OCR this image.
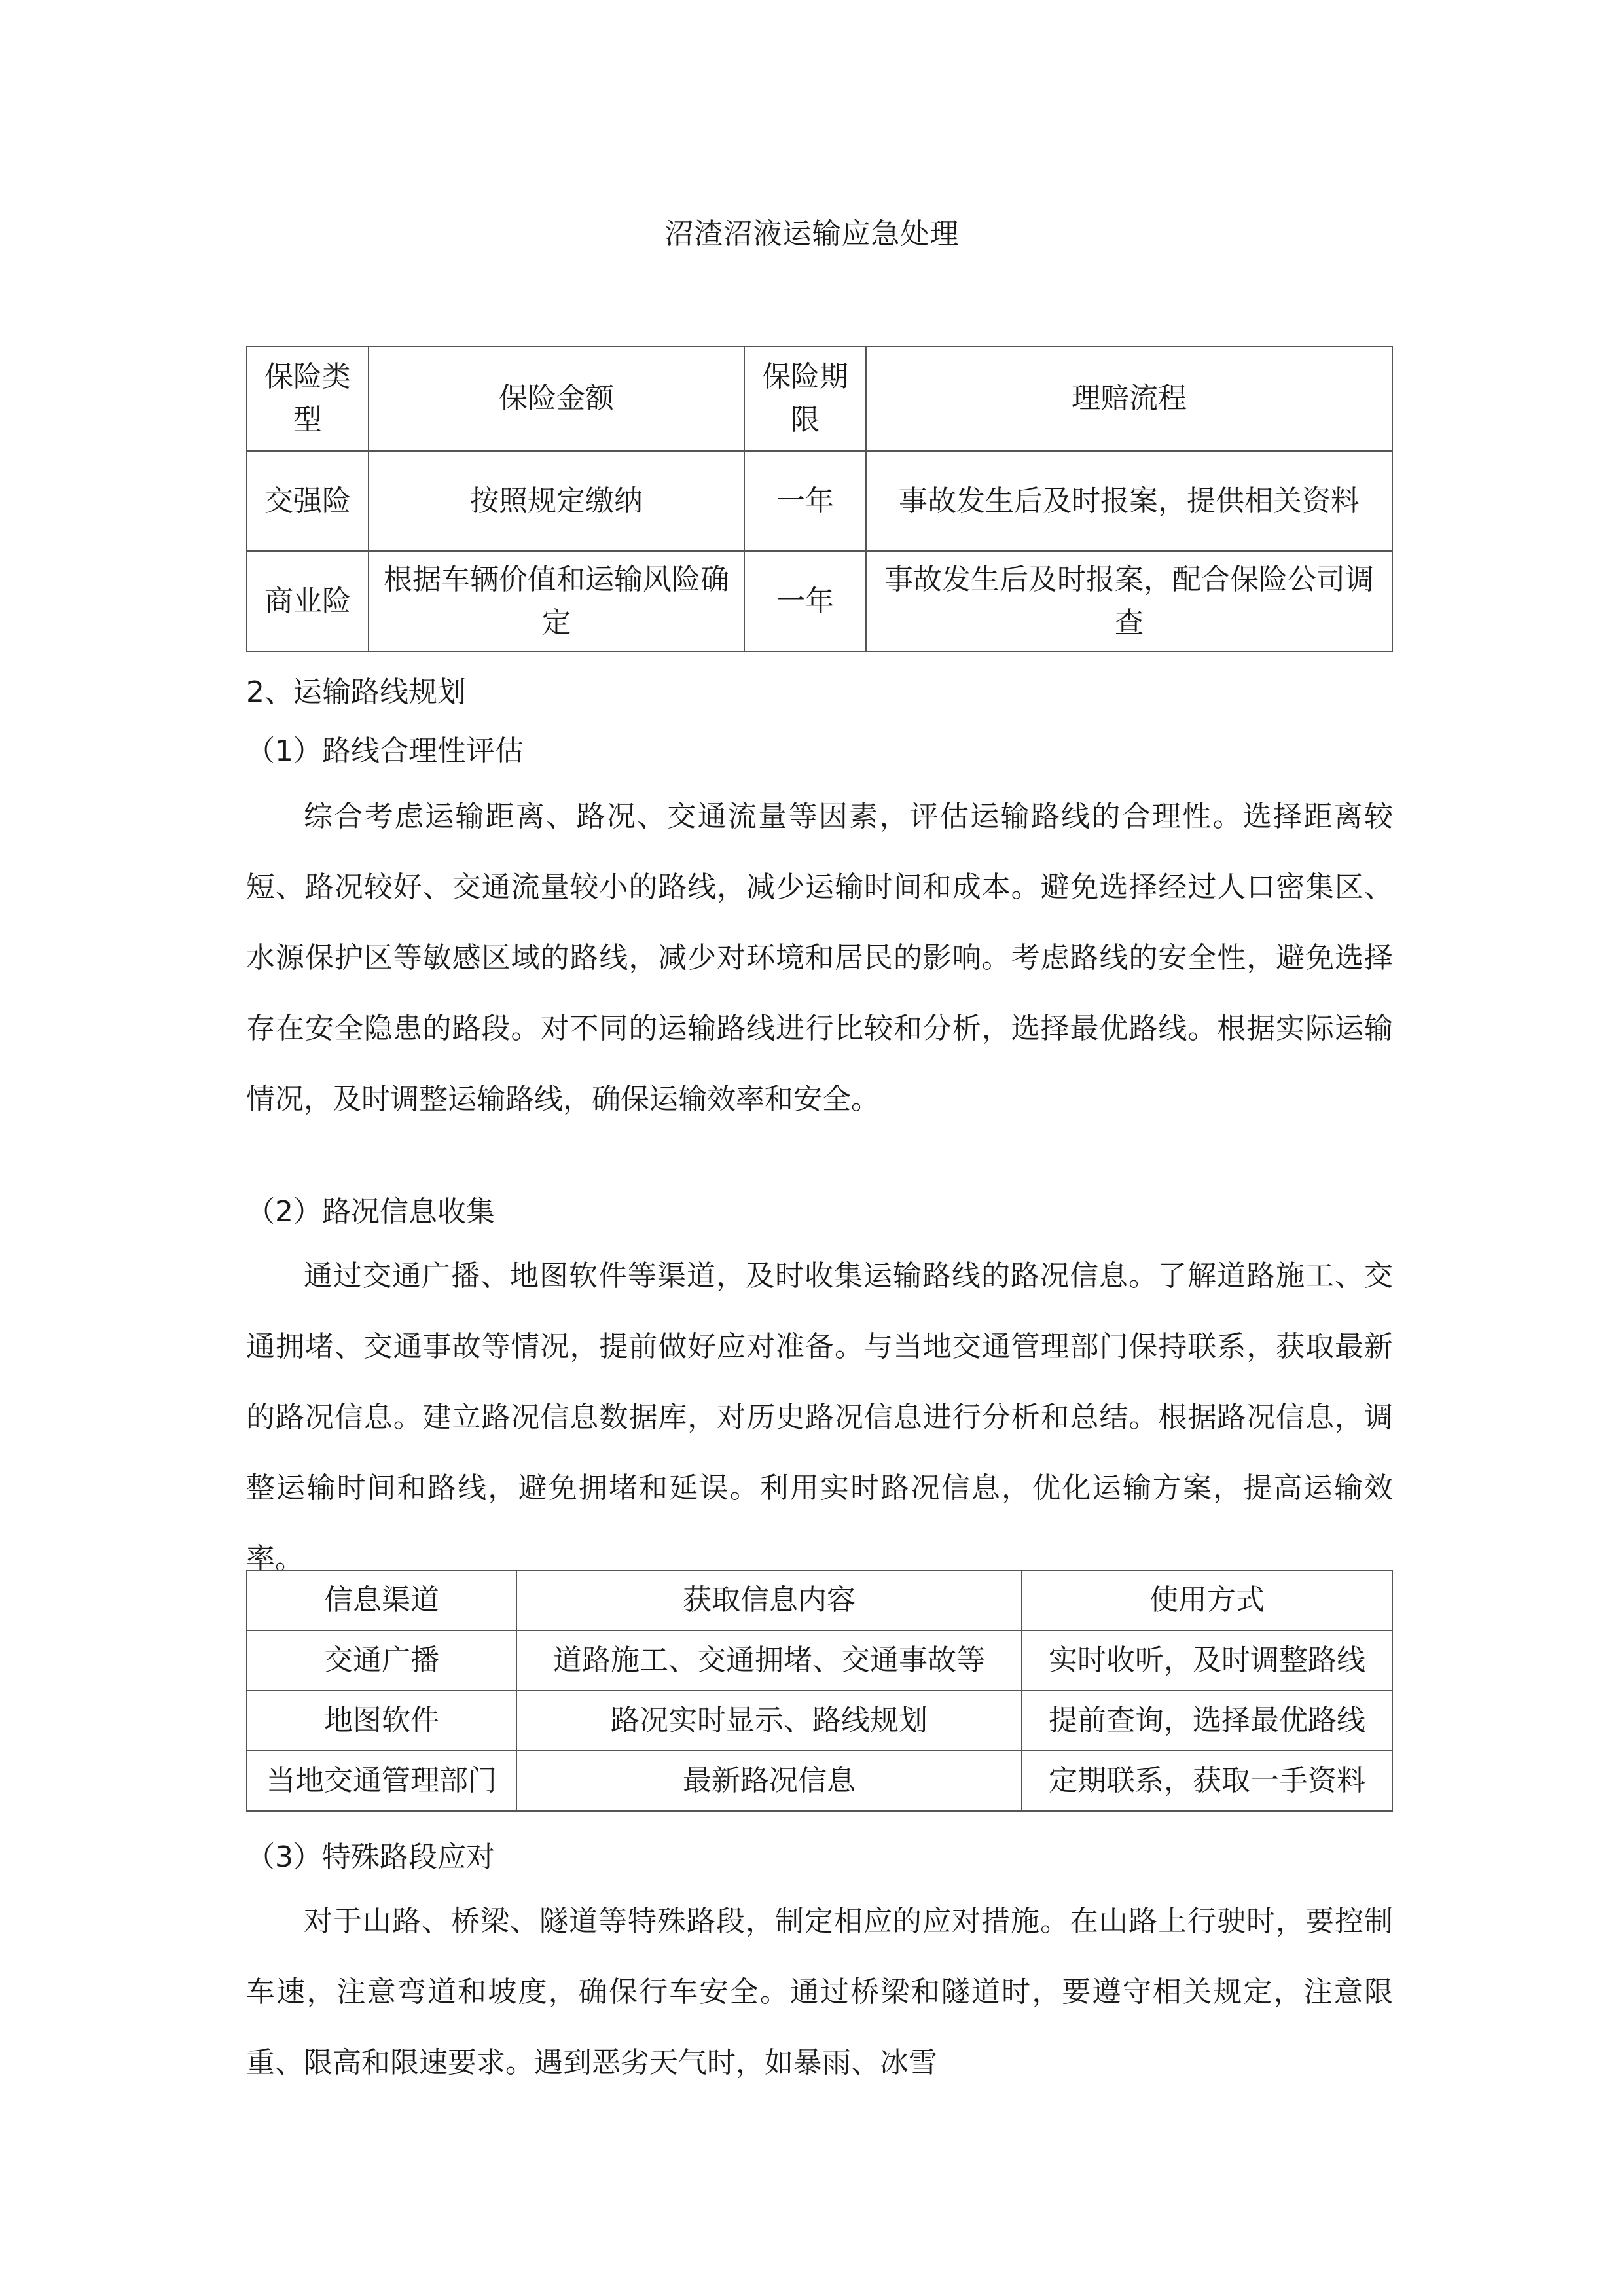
沼渣沼液运输应急处理
保险类型	保险金额	保险期限	理赔流程
交强险	按照规定缴纳	一年	事故发生后及时报案，提供相关资料
商业险	根据车辆价值和运输风险确定	一年	事故发生后及时报案，配合保险公司调查
2、运输路线规划
（1）路线合理性评估

综合考虑运输距离、路况、交通流量等因素，评估运输路线的合理性。选择距离较短、路况较好、交通流量较小的路线，减少运输时间和成本。避免选择经过人口密集区、水源保护区等敏感区域的路线，减少对环境和居民的影响。考虑路线的安全性，避免选择存在安全隐患的路段。对不同的运输路线进行比较和分析，选择最优路线。根据实际运输情况，及时调整运输路线，确保运输效率和安全。

（2）路况信息收集

通过交通广播、地图软件等渠道，及时收集运输路线的路况信息。了解道路施工、交通拥堵、交通事故等情况，提前做好应对准备。与当地交通管理部门保持联系，获取最新的路况信息。建立路况信息数据库，对历史路况信息进行分析和总结。根据路况信息，调整运输时间和路线，避免拥堵和延误。利用实时路况信息，优化运输方案，提高运输效率。

信息渠道	获取信息内容	使用方式
交通广播	道路施工、交通拥堵、交通事故等	实时收听，及时调整路线
地图软件	路况实时显示、路线规划	提前查询，选择最优路线
当地交通管理部门	最新路况信息	定期联系，获取一手资料
（3）特殊路段应对

对于山路、桥梁、隧道等特殊路段，制定相应的应对措施。在山路上行驶时，要控制车速，注意弯道和坡度，确保行车安全。通过桥梁和隧道时，要遵守相关规定，注意限重、限高和限速要求。遇到恶劣天气时，如暴雨、冰雪
